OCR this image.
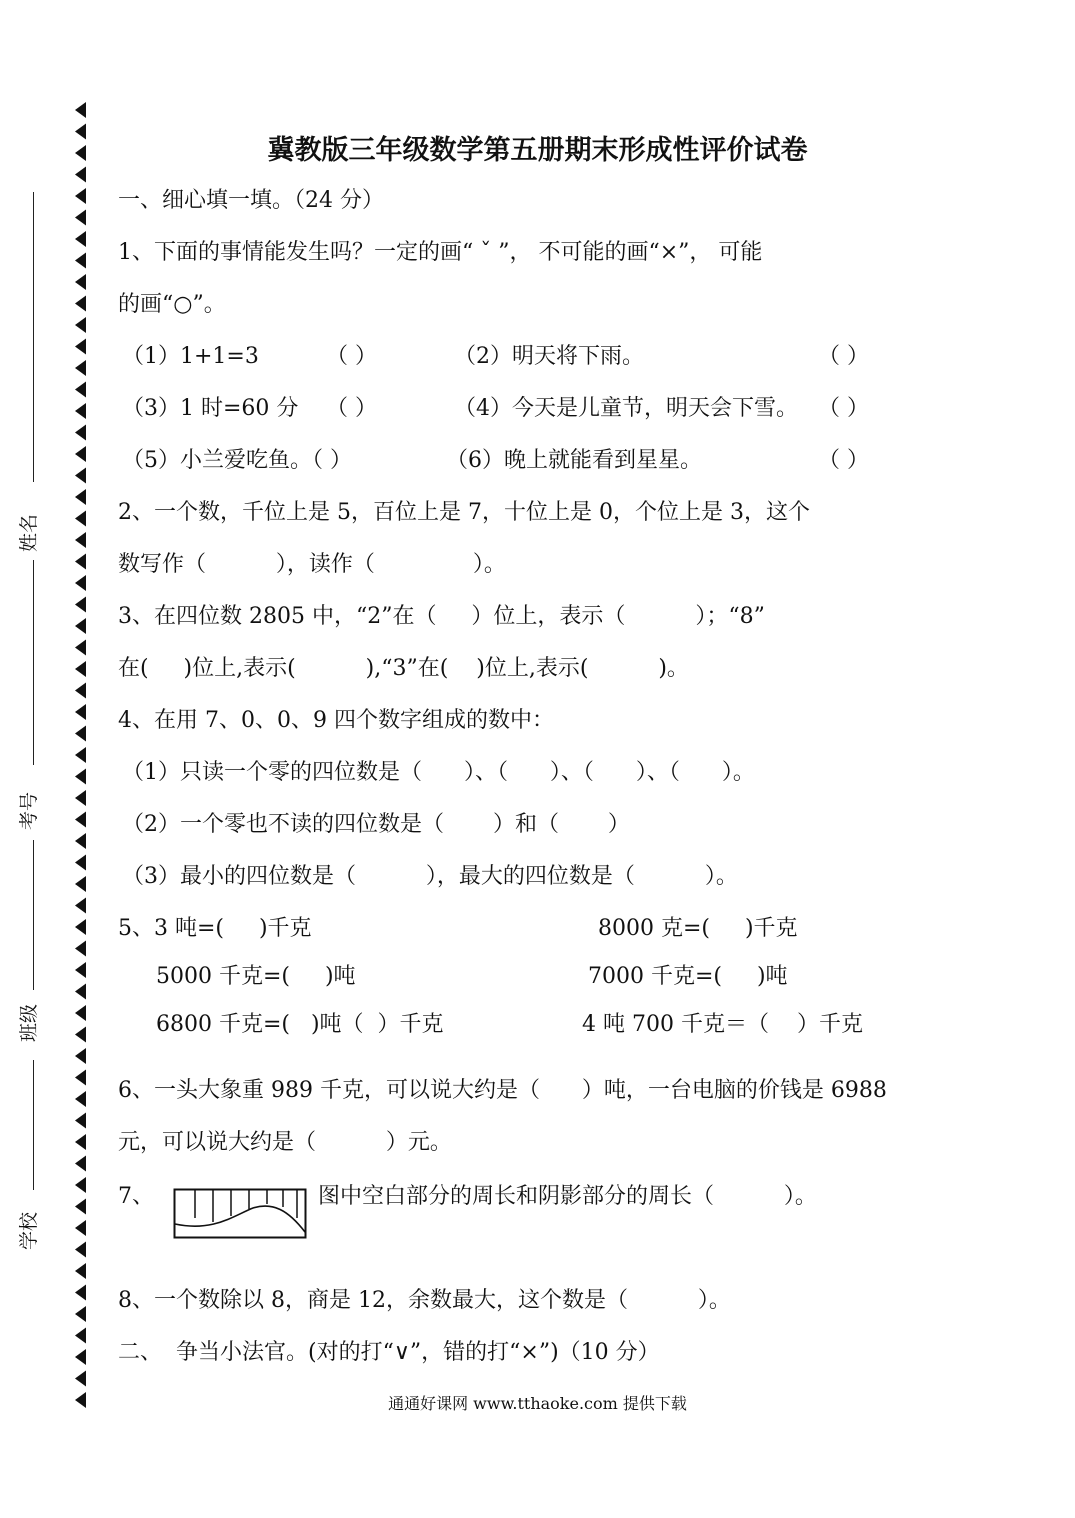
姓名
考号
班级
学校
冀教版三年级数学第五册期末形成性评价试卷
一、细心填一填。（24 分）
1、下面的事情能发生吗？一定的画“ ˇ ”， 不可能的画“×”， 可能
的画“○”。
（1）1+1=3	（ ）	（2）明天将下雨。	（ ）
（3）1 时=60 分 （ ）	（4）今天是儿童节，明天会下雪。 （ ）
（5）小兰爱吃鱼。（ ）	（6）晚上就能看到星星。	（ ）
2、一个数，千位上是 5，百位上是 7，十位上是 0，个位上是 3，这个
数写作（          ），读作（              ）。
3、在四位数 2805 中，“2”在（     ）位上，表示（          ）；“8”
在(     )位上,表示(          ),“3”在(    )位上,表示(          )。
4、在用 7、0、0、9 四个数字组成的数中：
（1）只读一个零的四位数是（      ）、（      ）、（      ）、（      ）。
（2）一个零也不读的四位数是（       ）和（       ）
（3）最小的四位数是（          ），最大的四位数是（          ）。
5、3 吨=(     )千克	8000 克=(     )千克
5000 千克=(     )吨	7000 千克=(     )吨
6800 千克=(   )吨（  ）千克	4 吨 700 千克＝（    ）千克
6、一头大象重 989 千克，可以说大约是（      ）吨，一台电脑的价钱是 6988
元，可以说大约是（          ）元。
7、	图中空白部分的周长和阴影部分的周长（          ）。
8、一个数除以 8，商是 12，余数最大，这个数是（          ）。
二、  争当小法官。(对的打“∨”，错的打“×”)（10 分）
通通好课网 www.tthaoke.com 提供下载
